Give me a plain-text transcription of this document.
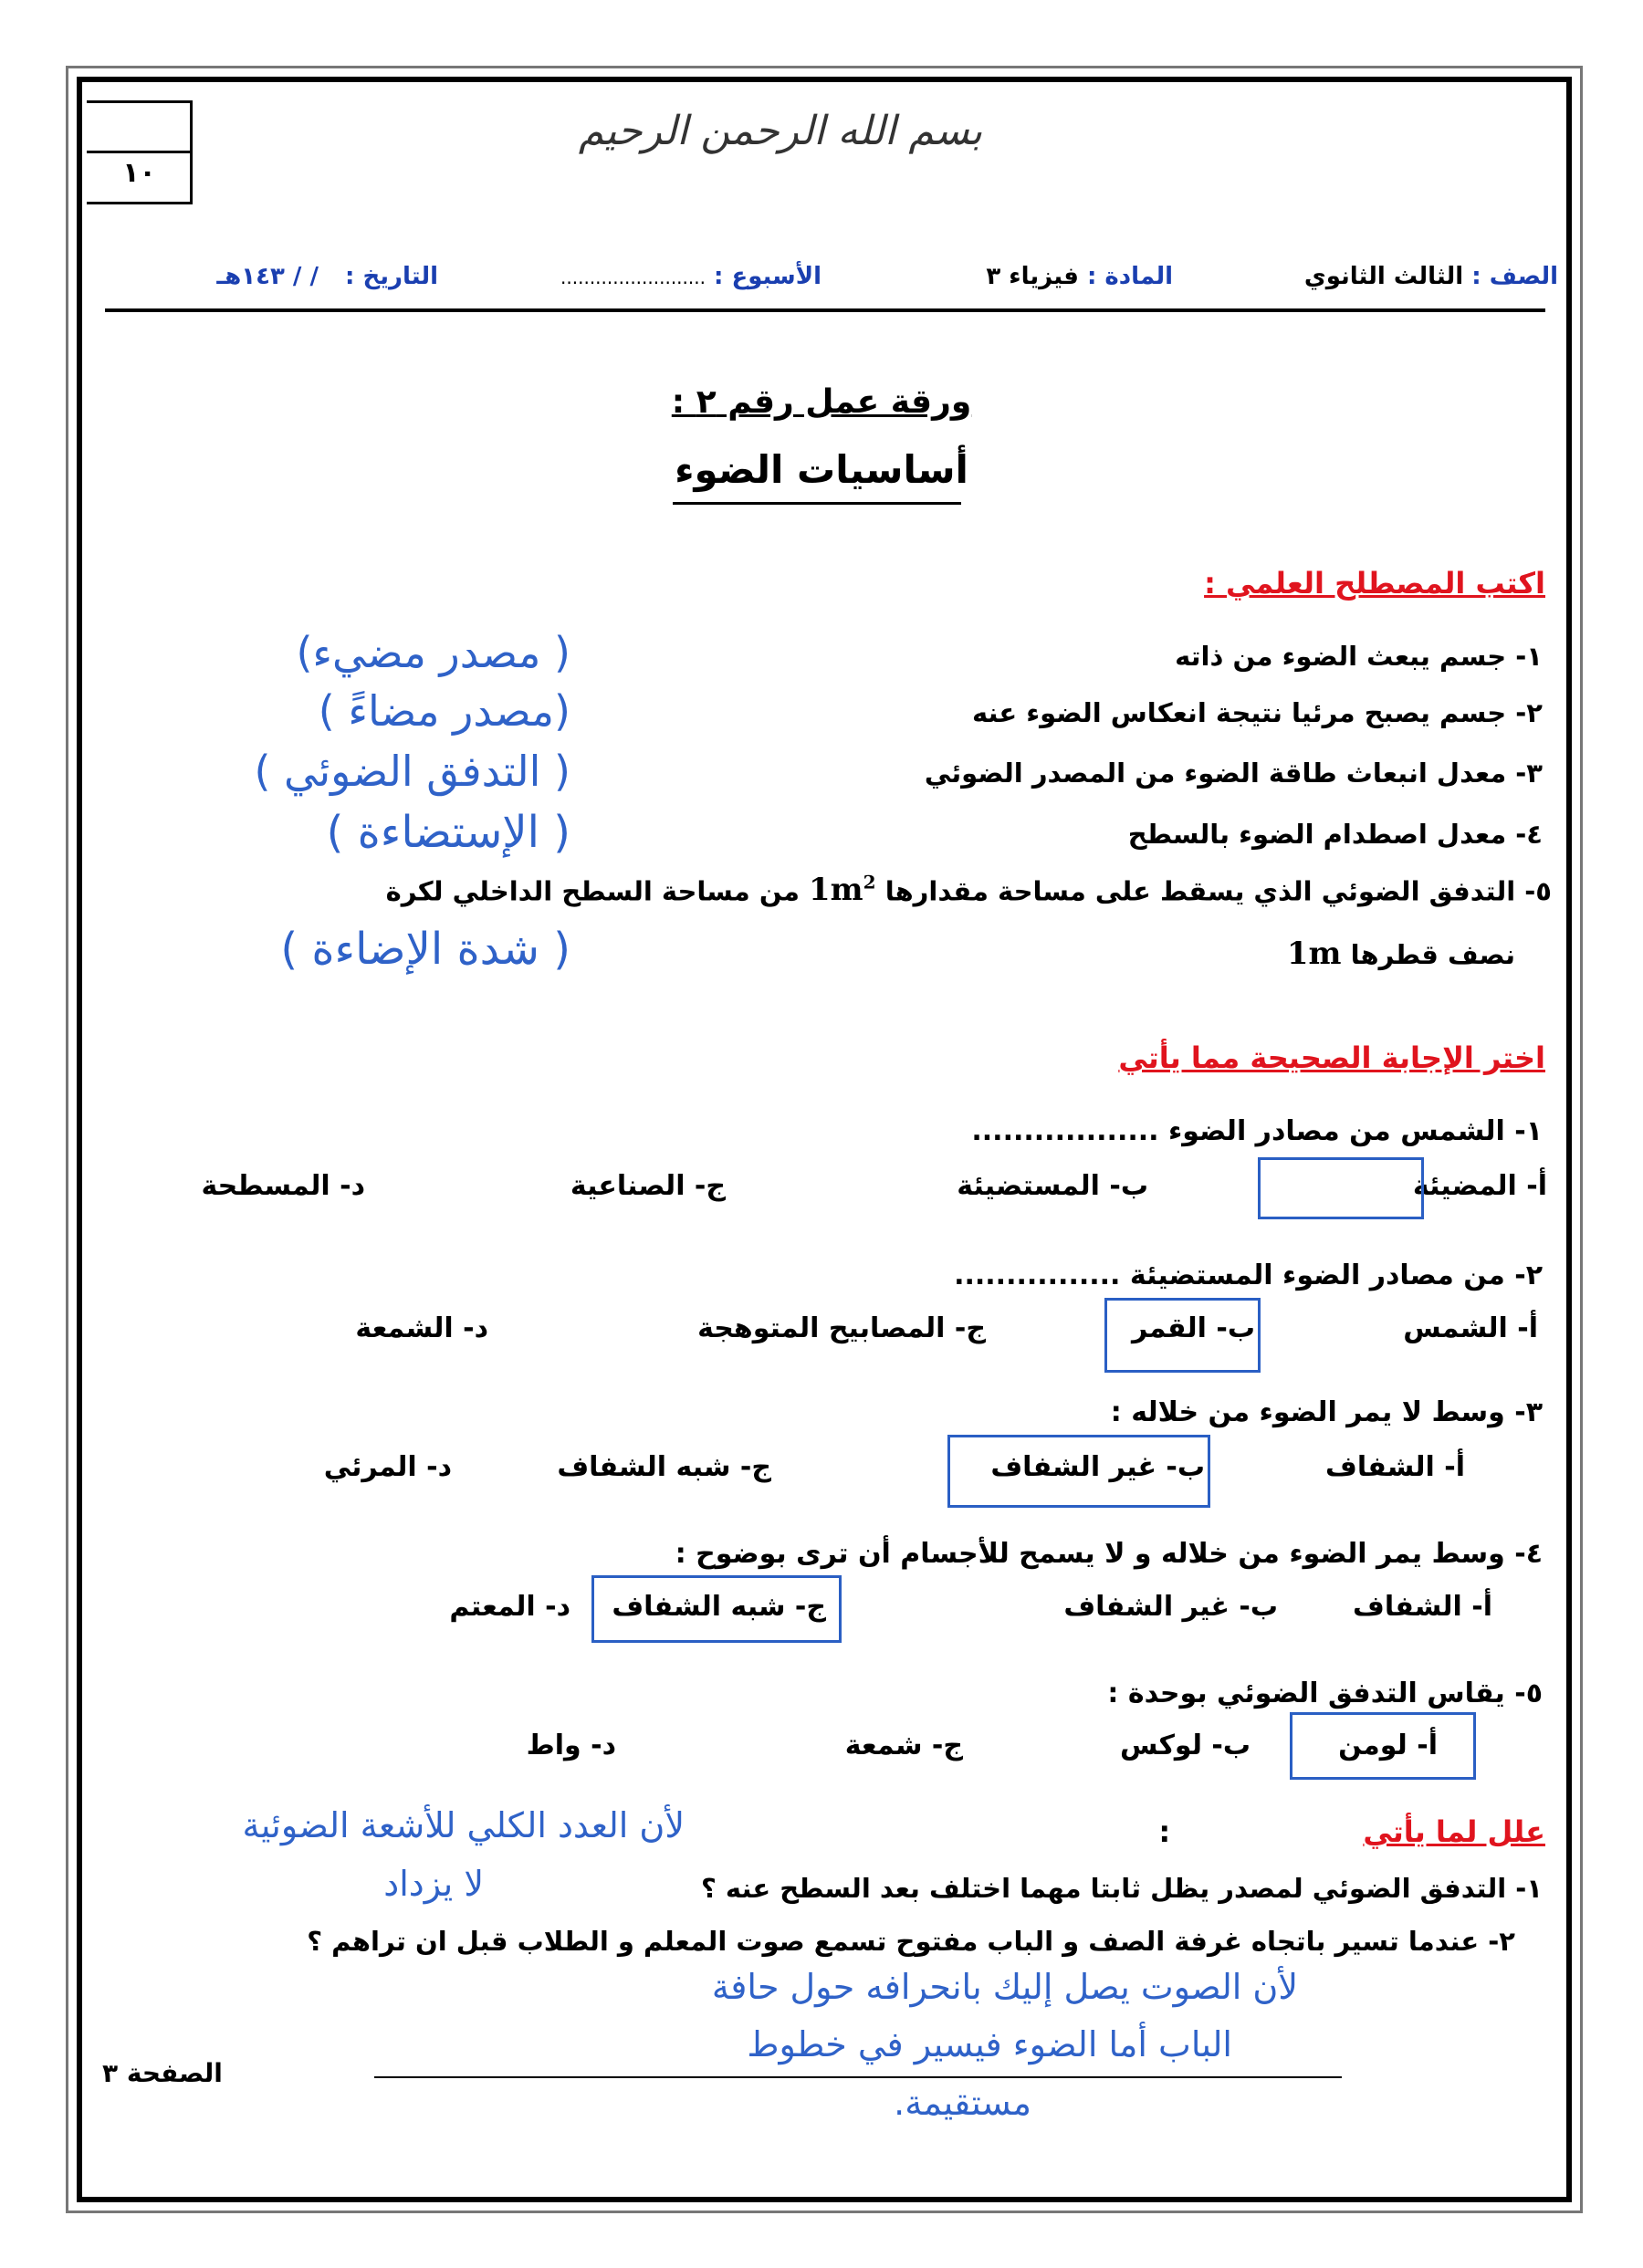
١٠
بسم الله الرحمن الرحيم
الصف : الثالث الثانوي
المادة : فيزياء ٣
الأسبوع : .........................
التاريخ : / / ١٤٣هـ
ورقة عمل رقم ٢ :
أساسيات الضوء
اكتب المصطلح العلمي :
١- جسم يبعث الضوء من ذاته
( مصدر مضيء)
٢- جسم يصبح مرئيا نتيجة انعكاس الضوء عنه
(مصدر مضاءً )
٣- معدل انبعاث طاقة الضوء من المصدر الضوئي
( التدفق الضوئي )
٤- معدل اصطدام الضوء بالسطح
( الإستضاءة )
٥- التدفق الضوئي الذي يسقط على مساحة مقدارها $1m^2$ من مساحة السطح الداخلي لكرة
نصف قطرها 1m
( شدة الإضاءة )
اختر الإجابة الصحيحة مما يأتي
١- الشمس من مصادر الضوء ..................
أ- المضيئة
ب- المستضيئة
ج- الصناعية
د- المسطحة
٢- من مصادر الضوء المستضيئة ................
أ- الشمس
ب- القمر
ج- المصابيح المتوهجة
د- الشمعة
٣- وسط لا يمر الضوء من خلاله :
أ- الشفاف
ب- غير الشفاف
ج- شبه الشفاف
د- المرئي
٤- وسط يمر الضوء من خلاله و لا يسمح للأجسام أن ترى بوضوح :
أ- الشفاف
ب- غير الشفاف
ج- شبه الشفاف
د- المعتم
٥- يقاس التدفق الضوئي بوحدة :
أ- لومن
ب- لوكس
ج- شمعة
د- واط
علل لما يأتي :
لأن العدد الكلي للأشعة الضوئية
١- التدفق الضوئي لمصدر يظل ثابتا مهما اختلف بعد السطح عنه ؟
لا يزداد
٢- عندما تسير باتجاه غرفة الصف و الباب مفتوح تسمع صوت المعلم و الطلاب قبل ان تراهم ؟
لأن الصوت يصل إليك بانحرافه حول حافة
الباب أما الضوء فيسير في خطوط
مستقيمة.
الصفحة ٣
